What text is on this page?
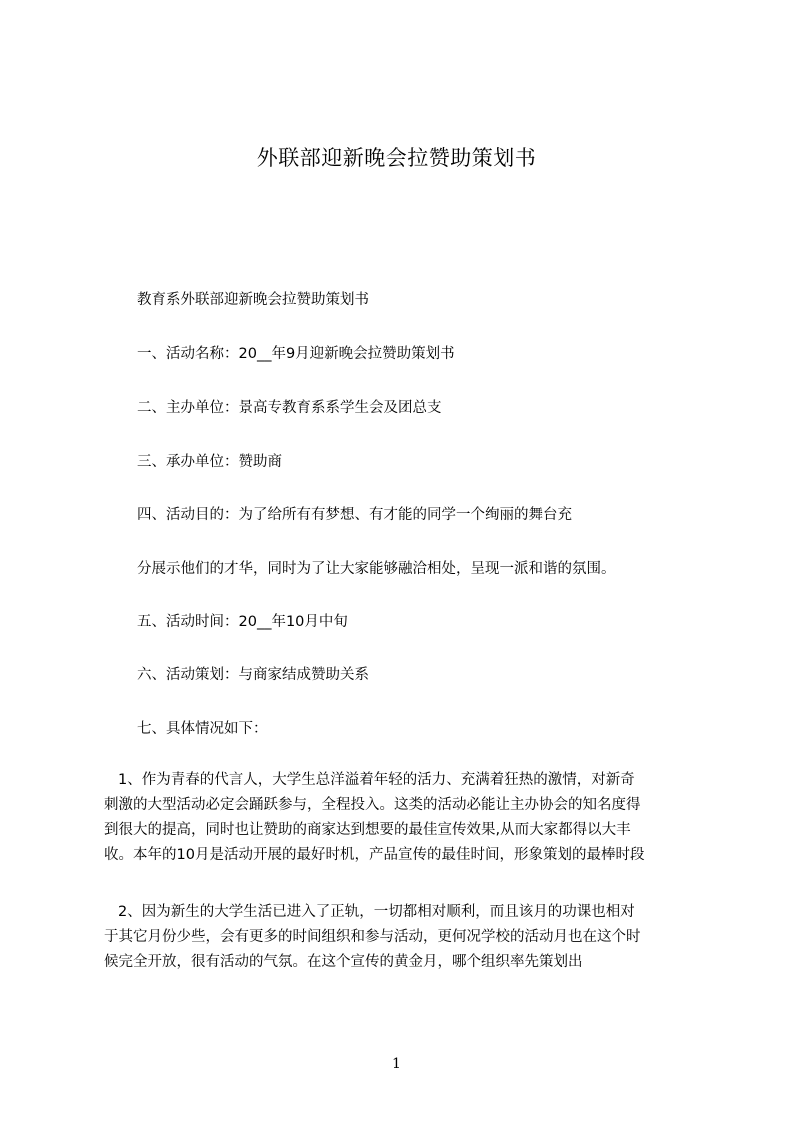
外联部迎新晚会拉赞助策划书
教育系外联部迎新晚会拉赞助策划书
一、活动名称：20__年9月迎新晚会拉赞助策划书
二、主办单位：景高专教育系系学生会及团总支
三、承办单位：赞助商
四、活动目的：为了给所有有梦想、有才能的同学一个绚丽的舞台充
分展示他们的才华，同时为了让大家能够融洽相处，呈现一派和谐的氛围。
五、活动时间：20__年10月中旬
六、活动策划：与商家结成赞助关系
七、具体情况如下：
1、作为青春的代言人，大学生总洋溢着年轻的活力、充满着狂热的激情，对新奇
刺激的大型活动必定会踊跃参与，全程投入。这类的活动必能让主办协会的知名度得
到很大的提高，同时也让赞助的商家达到想要的最佳宣传效果,从而大家都得以大丰
收。本年的10月是活动开展的最好时机，产品宣传的最佳时间，形象策划的最棒时段
2、因为新生的大学生活已进入了正轨，一切都相对顺利，而且该月的功课也相对
于其它月份少些，会有更多的时间组织和参与活动，更何况学校的活动月也在这个时
候完全开放，很有活动的气氛。在这个宣传的黄金月，哪个组织率先策划出
1
